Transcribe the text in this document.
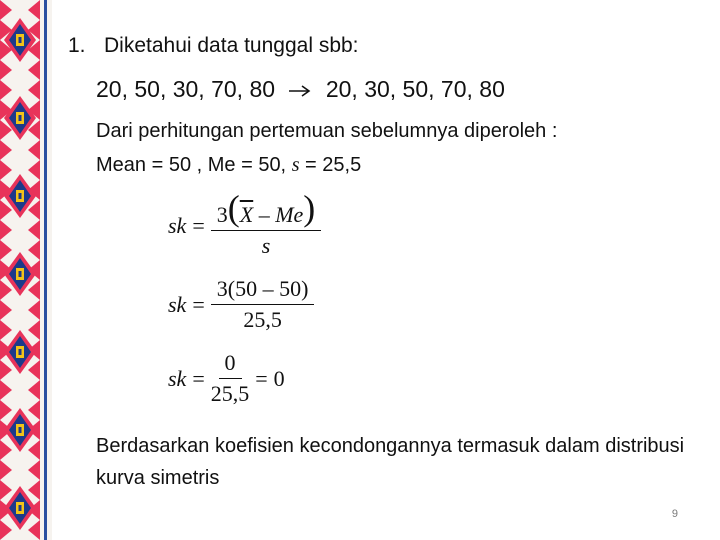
1. Diketahui data tunggal sbb:
20, 50, 30, 70, 80 20, 30, 50, 70, 80
Dari perhitungan pertemuan sebelumnya diperoleh :
Mean = 50 , Me = 50, s = 25,5
sk = $\frac{3(\overline{X} - Me)}{s}$
sk = $\frac{3(50 - 50)}{25,5}$
sk = $\frac{0}{25,5} = 0$
Berdasarkan koefisien kecondongannya termasuk dalam distribusi kurva simetris
9
